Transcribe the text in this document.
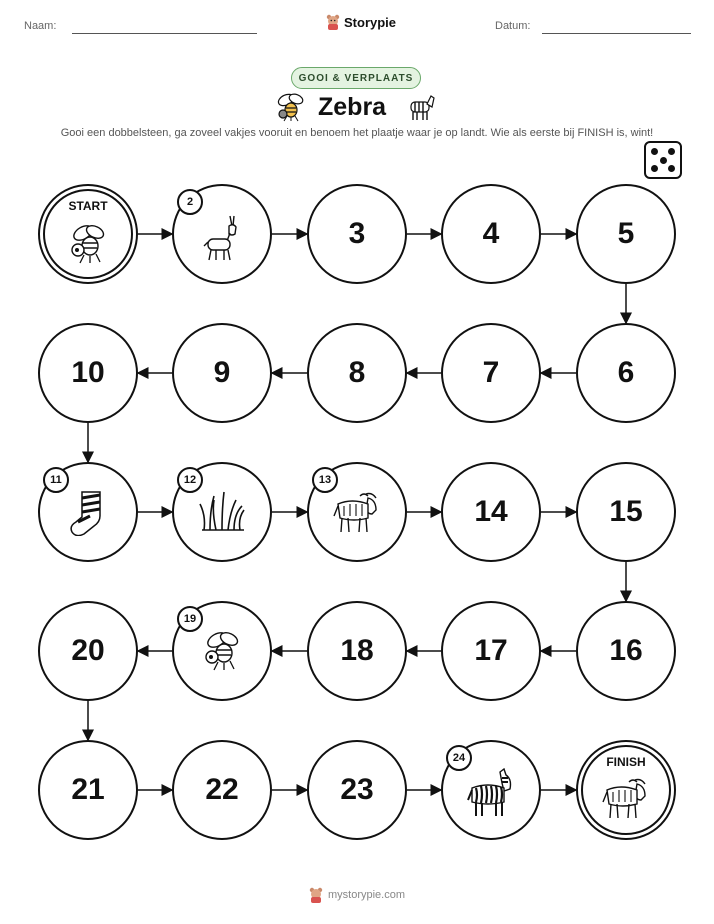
Naam:	Datum:
Storypie
GOOI & VERPLAATS
Zebra
Gooi een dobbelsteen, ga zoveel vakjes vooruit en benoem het plaatje waar je op landt. Wie als eerste bij FINISH is, wint!
START	2
3	4	5
6
7
8
9
10
11	12	13
14	15
16
17
18
19
20
21	22	23
24	FINISH
mystorypie.com
